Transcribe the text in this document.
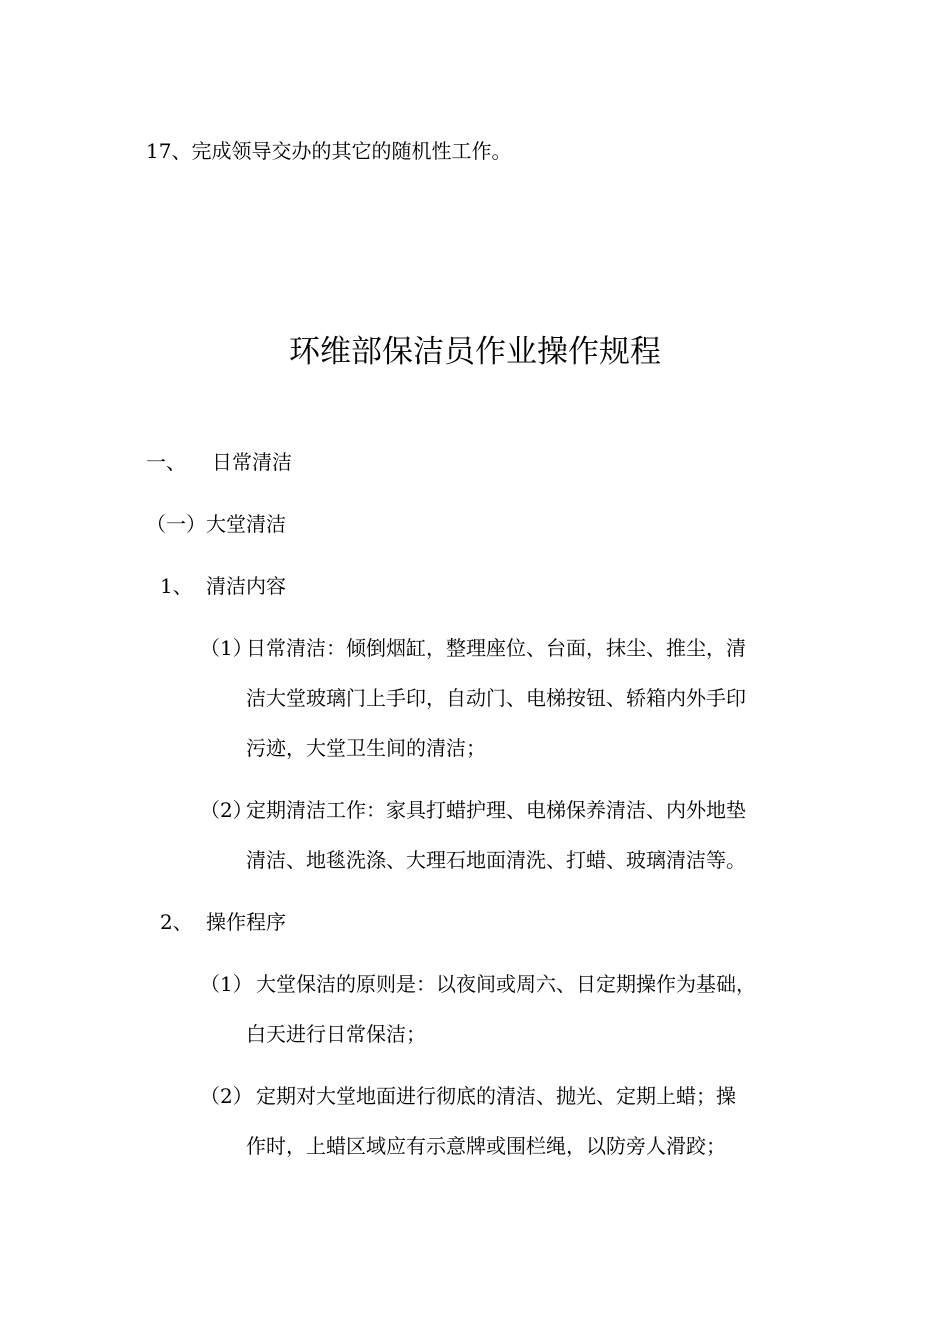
17、完成领导交办的其它的随机性工作。

环维部保洁员作业操作规程

一、 日常清洁

（一）大堂清洁

1、 清洁内容

（1）日常清洁：倾倒烟缸，整理座位、台面，抹尘、推尘，清

洁大堂玻璃门上手印，自动门、电梯按钮、轿箱内外手印

污迹，大堂卫生间的清洁；

（2）定期清洁工作：家具打蜡护理、电梯保养清洁、内外地垫

清洁、地毯洗涤、大理石地面清洗、打蜡、玻璃清洁等。

2、 操作程序

（1） 大堂保洁的原则是：以夜间或周六、日定期操作为基础，

白天进行日常保洁；

（2） 定期对大堂地面进行彻底的清洁、抛光、定期上蜡；操

作时，上蜡区域应有示意牌或围栏绳，以防旁人滑跤；
